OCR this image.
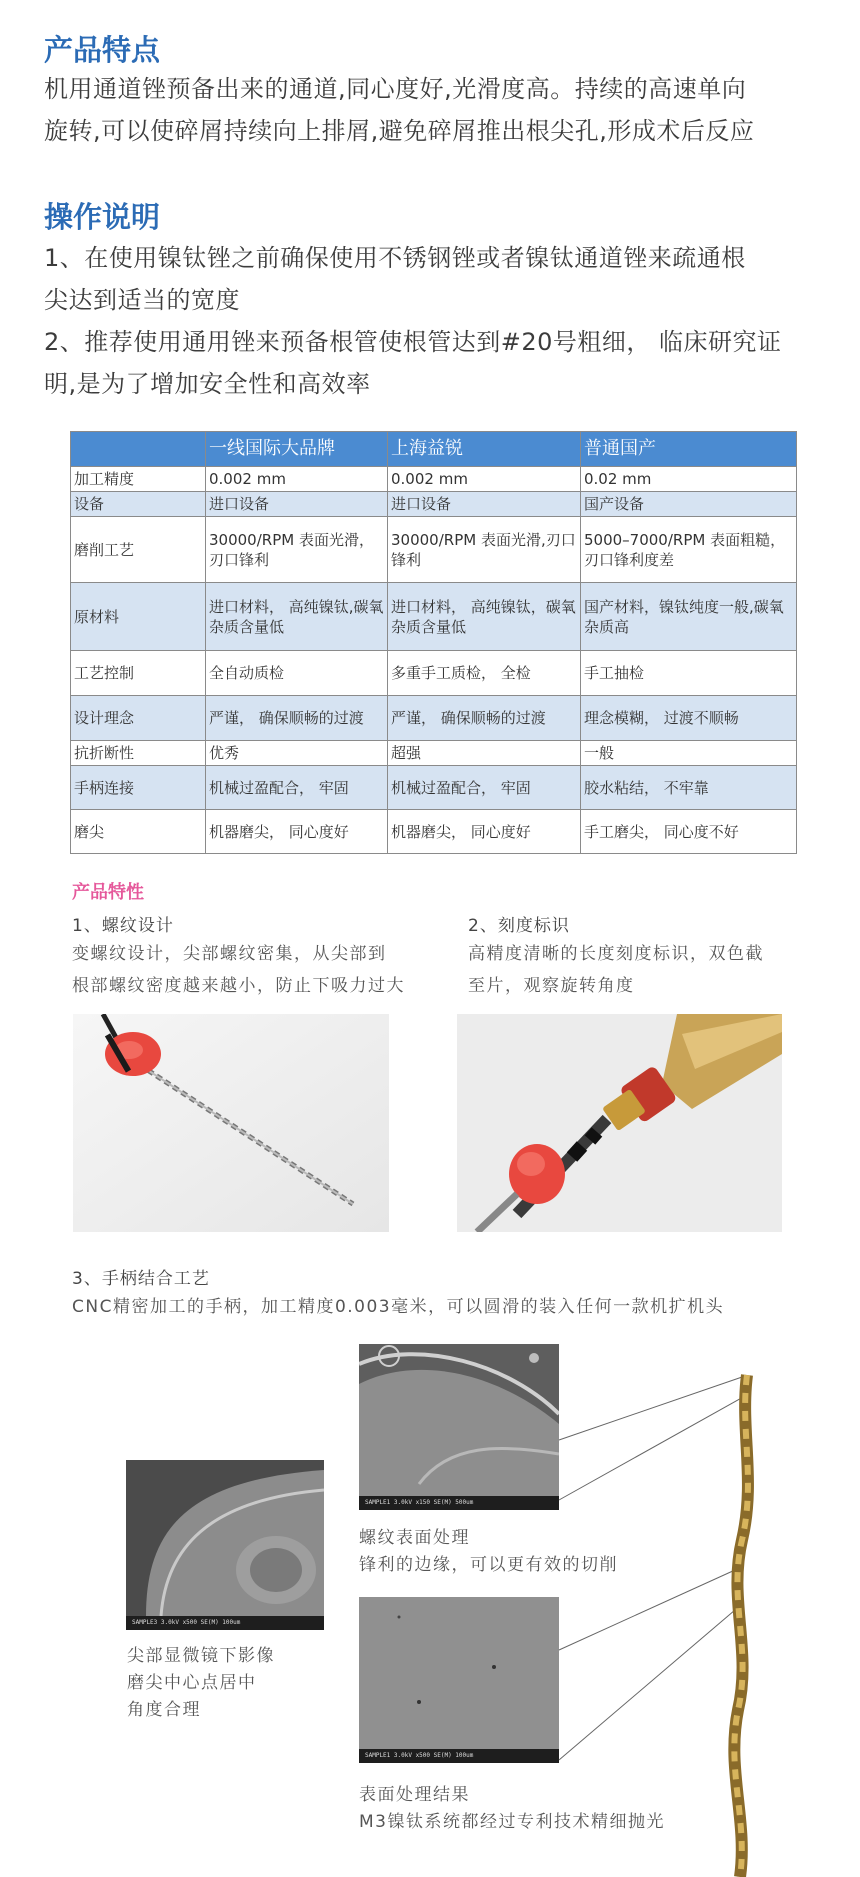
产品特点
机用通道锉预备出来的通道,同心度好,光滑度高。持续的高速单向
旋转,可以使碎屑持续向上排屑,避免碎屑推出根尖孔,形成术后反应
操作说明
1、在使用镍钛锉之前确保使用不锈钢锉或者镍钛通道锉来疏通根
尖达到适当的宽度
2、推荐使用通用锉来预备根管使根管达到#20号粗细， 临床研究证
明,是为了增加安全性和高效率
	一线国际大品牌	上海益锐	普通国产
加工精度	0.002 mm	0.002 mm	0.02 mm
设备	进口设备	进口设备	国产设备
磨削工艺	30000/RPM 表面光滑，刃口锋利	30000/RPM 表面光滑,刃口锋利	5000–7000/RPM 表面粗糙，刃口锋利度差
原材料	进口材料， 高纯镍钛,碳氧杂质含量低	进口材料， 高纯镍钛，碳氧杂质含量低	国产材料，镍钛纯度一般,碳氧杂质高
工艺控制	全自动质检	多重手工质检， 全检	手工抽检
设计理念	严谨， 确保顺畅的过渡	严谨， 确保顺畅的过渡	理念模糊， 过渡不顺畅
抗折断性	优秀	超强	一般
手柄连接	机械过盈配合， 牢固	机械过盈配合， 牢固	胶水粘结， 不牢靠
磨尖	机器磨尖， 同心度好	机器磨尖， 同心度好	手工磨尖， 同心度不好
产品特性
1、螺纹设计
变螺纹设计，尖部螺纹密集，从尖部到
根部螺纹密度越来越小，防止下吸力过大
2、刻度标识
高精度清晰的长度刻度标识，双色截
至片，观察旋转角度
3、手柄结合工艺
CNC精密加工的手柄，加工精度0.003毫米，可以圆滑的装入任何一款机扩机头
SAMPLE1 3.0kV x150 SE(M) 500um
SAMPLE3 3.0kV x500 SE(M) 100um
SAMPLE1 3.0kV x500 SE(M) 100um
螺纹表面处理
锋利的边缘，可以更有效的切削
尖部显微镜下影像
磨尖中心点居中
角度合理
表面处理结果
M3镍钛系统都经过专利技术精细抛光
